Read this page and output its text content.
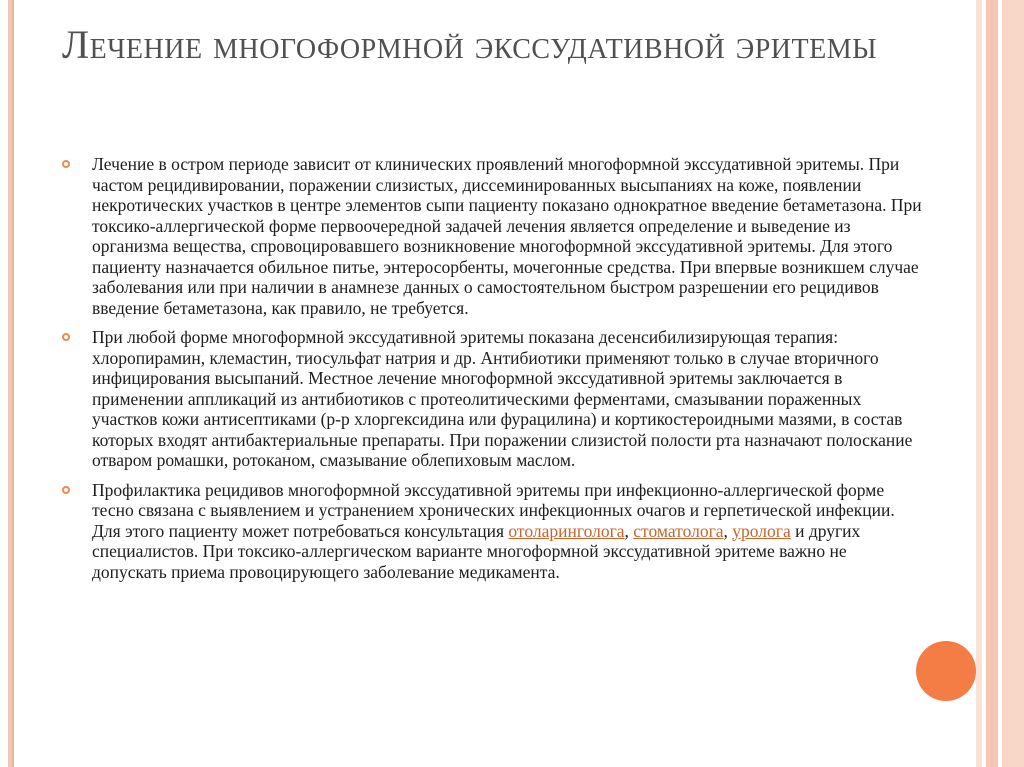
Лечение многоформной экссудативной эритемы
Лечение в остром периоде зависит от клинических проявлений многоформной экссудативной эритемы. При частом рецидивировании, поражении слизистых, диссеминированных высыпаниях на коже, появлении некротических участков в центре элементов сыпи пациенту показано однократное введение бетаметазона. При токсико-аллергической форме первоочередной задачей лечения является определение и выведение из организма вещества, спровоцировавшего возникновение многоформной экссудативной эритемы. Для этого пациенту назначается обильное питье, энтеросорбенты, мочегонные средства. При впервые возникшем случае заболевания или при наличии в анамнезе данных о самостоятельном быстром разрешении его рецидивов введение бетаметазона, как правило, не требуется.
При любой форме многоформной экссудативной эритемы показана десенсибилизирующая терапия: хлоропирамин, клемастин, тиосульфат натрия и др. Антибиотики применяют только в случае вторичного инфицирования высыпаний. Местное лечение многоформной экссудативной эритемы заключается в применении аппликаций из антибиотиков с протеолитическими ферментами, смазывании пораженных участков кожи антисептиками (р-р хлоргексидина или фурацилина) и кортикостероидными мазями, в состав которых входят антибактериальные препараты. При поражении слизистой полости рта назначают полоскание отваром ромашки, ротоканом, смазывание облепиховым маслом.
Профилактика рецидивов многоформной экссудативной эритемы при инфекционно-аллергической форме тесно связана с выявлением и устранением хронических инфекционных очагов и герпетической инфекции. Для этого пациенту может потребоваться консультация отоларинголога, стоматолога, уролога и других специалистов. При токсико-аллергическом варианте многоформной экссудативной эритеме важно не допускать приема провоцирующего заболевание медикамента.
